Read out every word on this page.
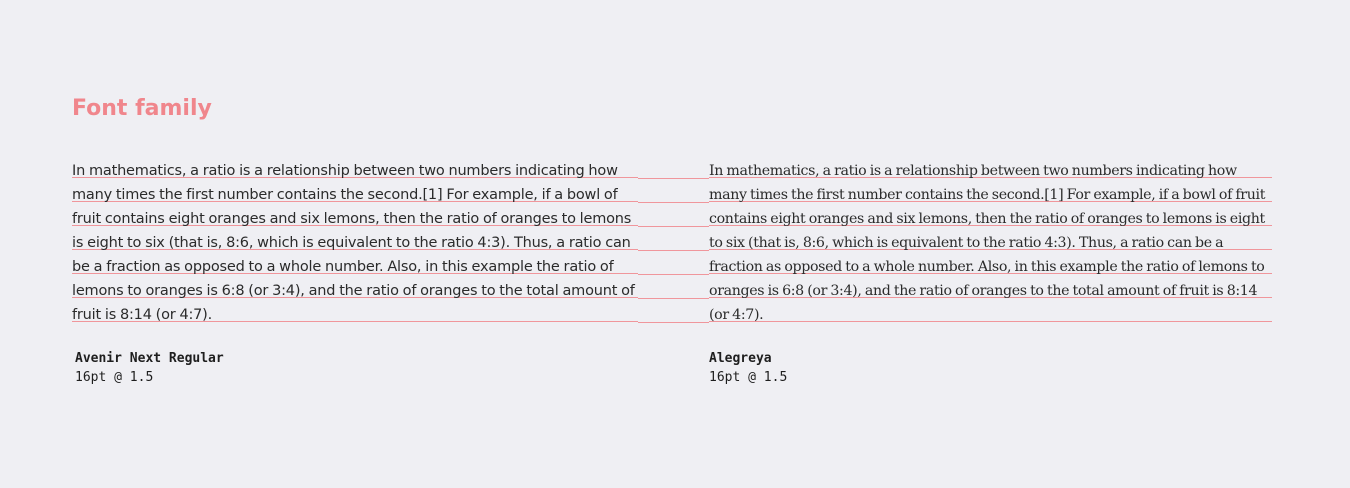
Font family

In mathematics, a ratio is a relationship between two numbers indicating how many times the first number contains the second.[1] For example, if a bowl of fruit contains eight oranges and six lemons, then the ratio of oranges to lemons is eight to six (that is, 8:6, which is equivalent to the ratio 4:3). Thus, a ratio can be a fraction as opposed to a whole number. Also, in this example the ratio of lemons to oranges is 6:8 (or 3:4), and the ratio of oranges to the total amount of fruit is 8:14 (or 4:7).

In mathematics, a ratio is a relationship between two numbers indicating how many times the first number contains the second.[1] For example, if a bowl of fruit contains eight oranges and six lemons, then the ratio of oranges to lemons is eight to six (that is, 8:6, which is equivalent to the ratio 4:3). Thus, a ratio can be a fraction as opposed to a whole number. Also, in this example the ratio of lemons to oranges is 6:8 (or 3:4), and the ratio of oranges to the total amount of fruit is 8:14 (or 4:7).

Avenir Next Regular
16pt @ 1.5
Alegreya
16pt @ 1.5
